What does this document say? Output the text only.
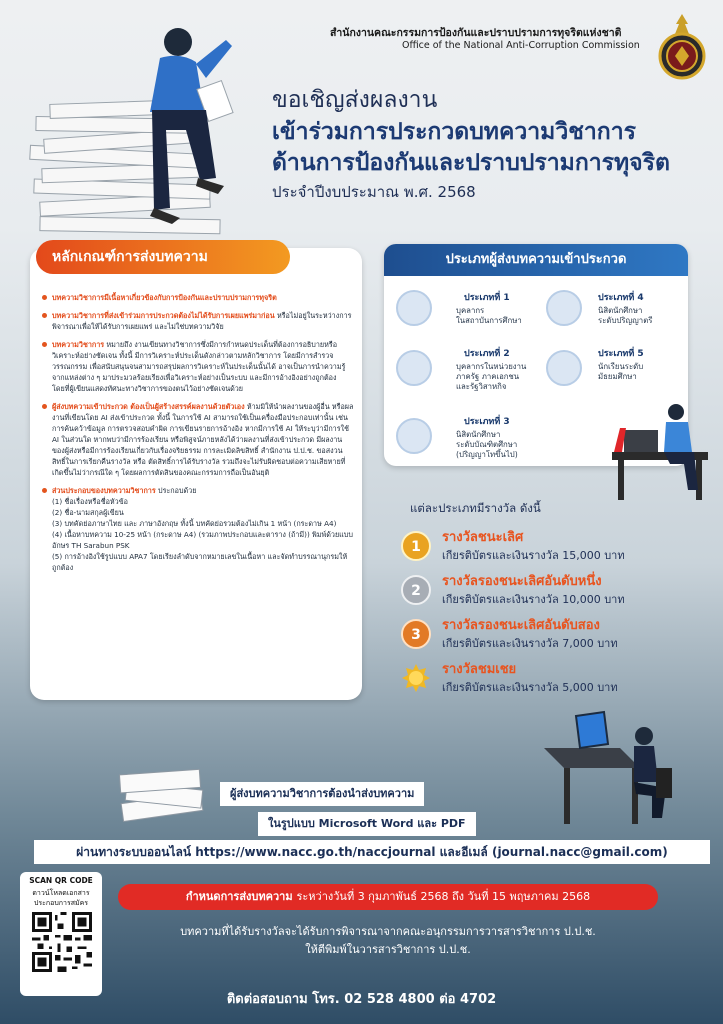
สำนักงานคณะกรรมการป้องกันและปราบปรามการทุจริตแห่งชาติ
Office of the National Anti-Corruption Commission
ขอเชิญส่งผลงาน
เข้าร่วมการประกวดบทความวิชาการ
ด้านการป้องกันและปราบปรามการทุจริต
ประจำปีงบประมาณ พ.ศ. 2568
หลักเกณฑ์การส่งบทความ
บทความวิชาการมีเนื้อหาเกี่ยวข้องกับการป้องกันและปราบปรามการทุจริต
บทความวิชาการที่ส่งเข้าร่วมการประกวดต้องไม่ได้รับการเผยแพร่มาก่อน หรือไม่อยู่ในระหว่างการพิจารณาเพื่อให้ได้รับการเผยแพร่ และไม่ใช่บทความวิจัย
บทความวิชาการ หมายถึง งานเขียนทางวิชาการซึ่งมีการกำหนดประเด็นที่ต้องการอธิบายหรือวิเคราะห์อย่างชัดเจน ทั้งนี้ มีการวิเคราะห์ประเด็นดังกล่าวตามหลักวิชาการ โดยมีการสำรวจวรรณกรรม เพื่อสนับสนุนจนสามารถสรุปผลการวิเคราะห์ในประเด็นนั้นได้ อาจเป็นการนำความรู้จากแหล่งต่าง ๆ มาประมวลร้อยเรียงเพื่อวิเคราะห์อย่างเป็นระบบ และมีการอ้างอิงอย่างถูกต้อง โดยที่ผู้เขียนแสดงทัศนะทางวิชาการของตนไว้อย่างชัดเจนด้วย
ผู้ส่งบทความเข้าประกวด ต้องเป็นผู้สร้างสรรค์ผลงานด้วยตัวเอง ห้ามมิให้นำผลงานของผู้อื่น หรือผลงานที่เขียนโดย AI ส่งเข้าประกวด ทั้งนี้ ในการใช้ AI สามารถใช้เป็นเครื่องมือประกอบเท่านั้น เช่น การค้นคว้าข้อมูล การตรวจสอบคำผิด การเขียนรายการอ้างอิง หากมีการใช้ AI ให้ระบุว่ามีการใช้ AI ในส่วนใด หากพบว่ามีการร้องเรียน หรือพิสูจน์ภายหลังได้ว่าผลงานที่ส่งเข้าประกวด มีผลงานของผู้ส่งหรือมีการร้องเรียนเกี่ยวกับเรื่องจริยธรรม การละเมิดลิขสิทธิ์ สำนักงาน ป.ป.ช. ขอสงวนสิทธิ์ในการเรียกคืนรางวัล หรือ ตัดสิทธิ์การได้รับรางวัล รวมถึงจะไม่รับผิดชอบต่อความเสียหายที่เกิดขึ้นไม่ว่ากรณีใด ๆ โดยผลการตัดสินของคณะกรรมการถือเป็นอันยุติ
ส่วนประกอบของบทความวิชาการ ประกอบด้วย
(1) ชื่อเรื่องหรือชื่อหัวข้อ
(2) ชื่อ-นามสกุลผู้เขียน
(3) บทคัดย่อภาษาไทย และ ภาษาอังกฤษ ทั้งนี้ บทคัดย่อรวมต้องไม่เกิน 1 หน้า (กระดาษ A4)
(4) เนื้อหาบทความ 10-25 หน้า (กระดาษ A4) (รวมภาพประกอบและตาราง (ถ้ามี)) พิมพ์ด้วยแบบอักษร TH Sarabun PSK
(5) การอ้างอิงใช้รูปแบบ APA7 โดยเรียงลำดับจากหมายเลขในเนื้อหา และจัดทำบรรณานุกรมให้ถูกต้อง
ประเภทผู้ส่งบทความเข้าประกวด
ประเภทที่ 1
บุคลากร
ในสถาบันการศึกษา
ประเภทที่ 2
บุคลากรในหน่วยงาน
ภาครัฐ ภาคเอกชน
และรัฐวิสาหกิจ
ประเภทที่ 3
นิสิตนักศึกษา
ระดับบัณฑิตศึกษา
(ปริญญาโทขึ้นไป)
ประเภทที่ 4
นิสิตนักศึกษา
ระดับปริญญาตรี
ประเภทที่ 5
นักเรียนระดับ
มัธยมศึกษา
แต่ละประเภทมีรางวัล ดังนี้
1
รางวัลชนะเลิศ
เกียรติบัตรและเงินรางวัล 15,000 บาท
2
รางวัลรองชนะเลิศอันดับหนึ่ง
เกียรติบัตรและเงินรางวัล 10,000 บาท
3
รางวัลรองชนะเลิศอันดับสอง
เกียรติบัตรและเงินรางวัล 7,000 บาท
รางวัลชมเชย
เกียรติบัตรและเงินรางวัล 5,000 บาท
ผู้ส่งบทความวิชาการต้องนำส่งบทความ
ในรูปแบบ Microsoft Word และ PDF
ผ่านทางระบบออนไลน์ https://www.nacc.go.th/naccjournal และอีเมล์ (journal.nacc@gmail.com)
SCAN QR CODE
ดาวน์โหลดเอกสาร
ประกอบการสมัคร	กำหนดการส่งบทความ ระหว่างวันที่ 3 กุมภาพันธ์ 2568 ถึง วันที่ 15 พฤษภาคม 2568
บทความที่ได้รับรางวัลจะได้รับการพิจารณาจากคณะอนุกรรมการวารสารวิชาการ ป.ป.ช.
ให้ตีพิมพ์ในวารสารวิชาการ ป.ป.ช.
ติดต่อสอบถาม โทร. 02 528 4800 ต่อ 4702
